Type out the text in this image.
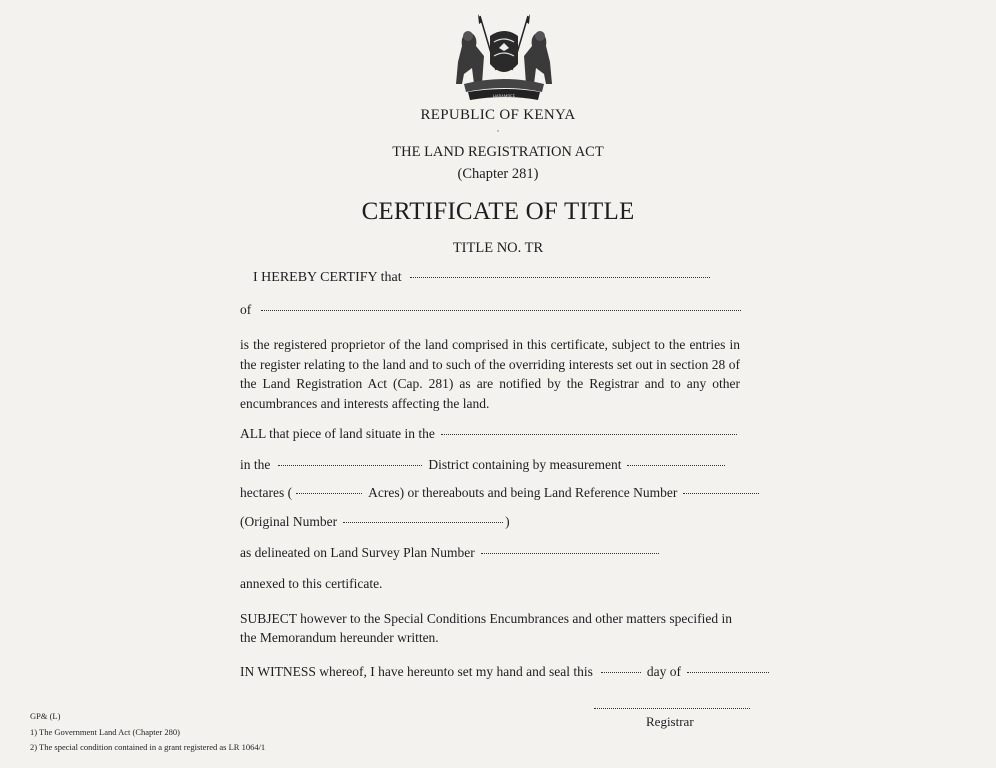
HARAMBEE
REPUBLIC OF KENYA
·
THE LAND REGISTRATION ACT
(Chapter 281)
CERTIFICATE OF TITLE
TITLE NO. TR
I HEREBY CERTIFY that
of
is the registered proprietor of the land comprised in this certificate, subject to the entries in the register relating to the land and to such of the overriding interests set out in section 28 of the Land Registration Act (Cap. 281) as are notified by the Registrar and to any other encumbrances and interests affecting the land.
ALL that piece of land situate in the
in the	District containing by measurement
hectares (	Acres) or thereabouts and being Land Reference Number
(Original Number	)
as delineated on Land Survey Plan Number
annexed to this certificate.
SUBJECT however to the Special Conditions Encumbrances and other matters specified in the Memorandum hereunder written.
IN WITNESS whereof, I have hereunto set my hand and seal this	day of
Registrar
GP& (L)
1) The Government Land Act (Chapter 280)
2) The special condition contained in a grant registered as LR 1064/1
